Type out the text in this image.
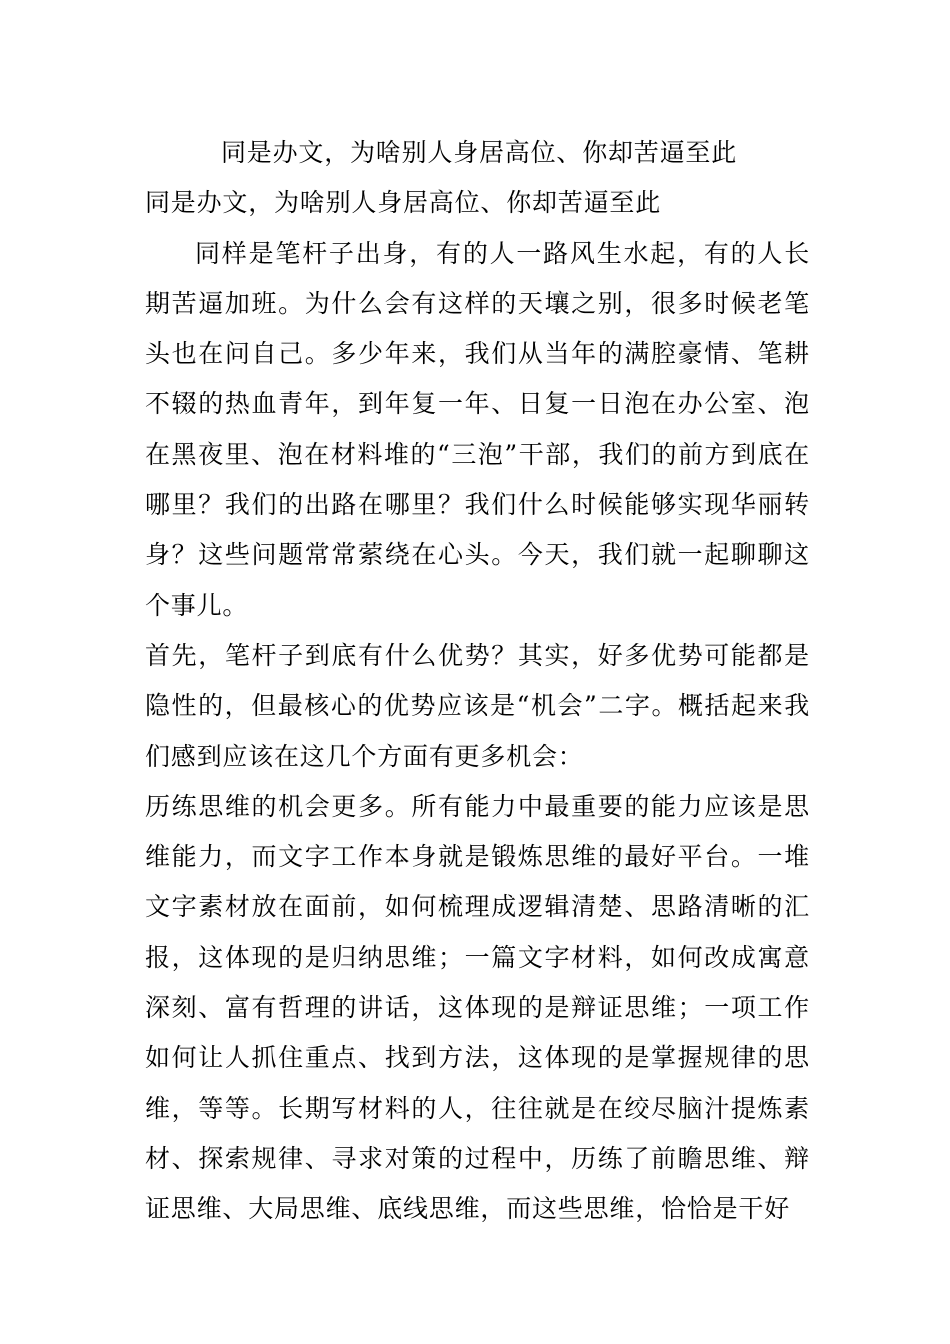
同是办文，为啥别人身居高位、你却苦逼至此

同是办文，为啥别人身居高位、你却苦逼至此

同样是笔杆子出身，有的人一路风生水起，有的人长期苦逼加班。为什么会有这样的天壤之别，很多时候老笔头也在问自己。多少年来，我们从当年的满腔豪情、笔耕不辍的热血青年，到年复一年、日复一日泡在办公室、泡在黑夜里、泡在材料堆的“三泡”干部，我们的前方到底在哪里？我们的出路在哪里？我们什么时候能够实现华丽转身？这些问题常常萦绕在心头。今天，我们就一起聊聊这个事儿。

首先，笔杆子到底有什么优势？其实，好多优势可能都是隐性的，但最核心的优势应该是“机会”二字。概括起来我们感到应该在这几个方面有更多机会：

历练思维的机会更多。所有能力中最重要的能力应该是思维能力，而文字工作本身就是锻炼思维的最好平台。一堆文字素材放在面前，如何梳理成逻辑清楚、思路清晰的汇报，这体现的是归纳思维；一篇文字材料，如何改成寓意深刻、富有哲理的讲话，这体现的是辩证思维；一项工作如何让人抓住重点、找到方法，这体现的是掌握规律的思维，等等。长期写材料的人，往往就是在绞尽脑汁提炼素材、探索规律、寻求对策的过程中，历练了前瞻思维、辩证思维、大局思维、底线思维，而这些思维，恰恰是干好
